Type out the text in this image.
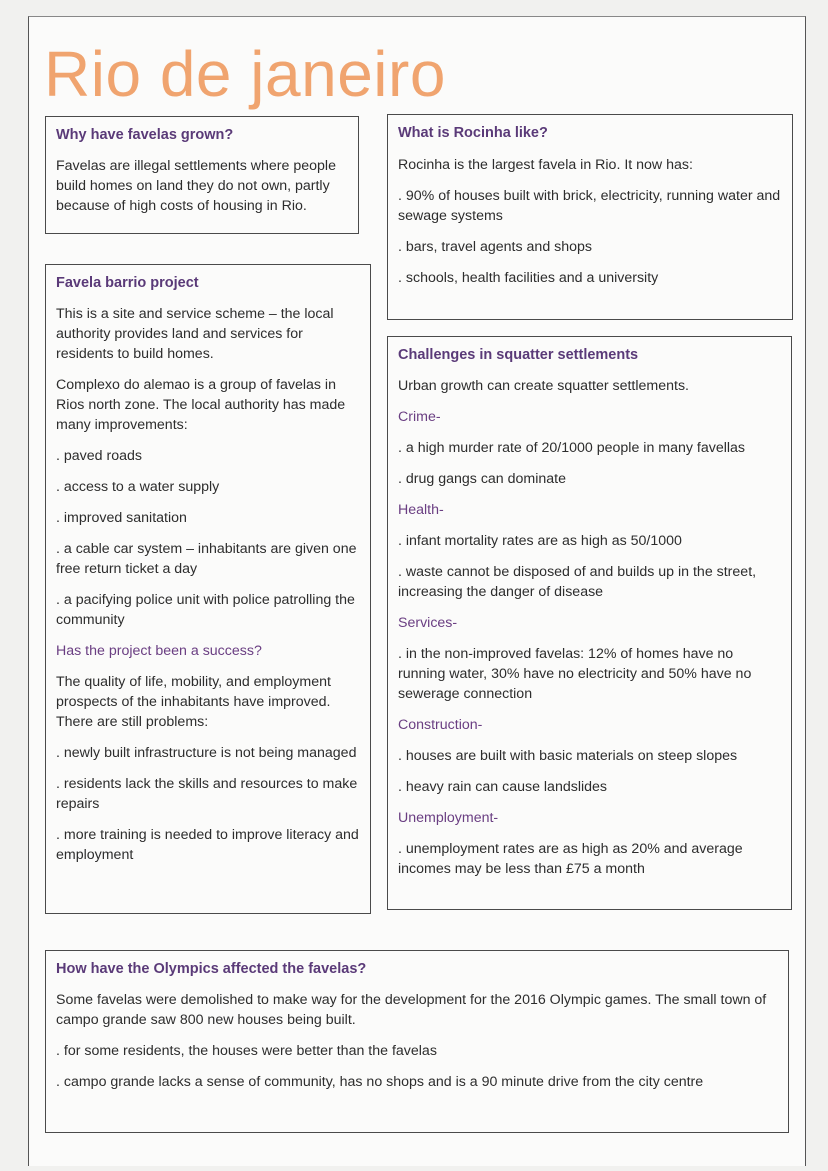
Rio de janeiro
Why have favelas grown?

Favelas are illegal settlements where people build homes on land they do not own, partly because of high costs of housing in Rio.

Favela barrio project

This is a site and service scheme – the local authority provides land and services for residents to build homes.

Complexo do alemao is a group of favelas in Rios north zone. The local authority has made many improvements:

. paved roads

. access to a water supply

. improved sanitation

. a cable car system – inhabitants are given one free return ticket a day

. a pacifying police unit with police patrolling the community

Has the project been a success?

The quality of life, mobility, and employment prospects of the inhabitants have improved. There are still problems:

. newly built infrastructure is not being managed

. residents lack the skills and resources to make repairs

. more training is needed to improve literacy and employment

What is Rocinha like?

Rocinha is the largest favela in Rio. It now has:

. 90% of houses built with brick, electricity, running water and sewage systems

. bars, travel agents and shops

. schools, health facilities and a university

Challenges in squatter settlements

Urban growth can create squatter settlements.

Crime-

. a high murder rate of 20/1000 people in many favellas

. drug gangs can dominate

Health-

. infant mortality rates are as high as 50/1000

. waste cannot be disposed of and builds up in the street, increasing the danger of disease

Services-

. in the non-improved favelas: 12% of homes have no running water, 30% have no electricity and 50% have no sewerage connection

Construction-

. houses are built with basic materials on steep slopes

. heavy rain can cause landslides

Unemployment-

. unemployment rates are as high as 20% and average incomes may be less than £75 a month

How have the Olympics affected the favelas?

Some favelas were demolished to make way for the development for the 2016 Olympic games. The small town of campo grande saw 800 new houses being built.

. for some residents, the houses were better than the favelas

. campo grande lacks a sense of community, has no shops and is a 90 minute drive from the city centre
